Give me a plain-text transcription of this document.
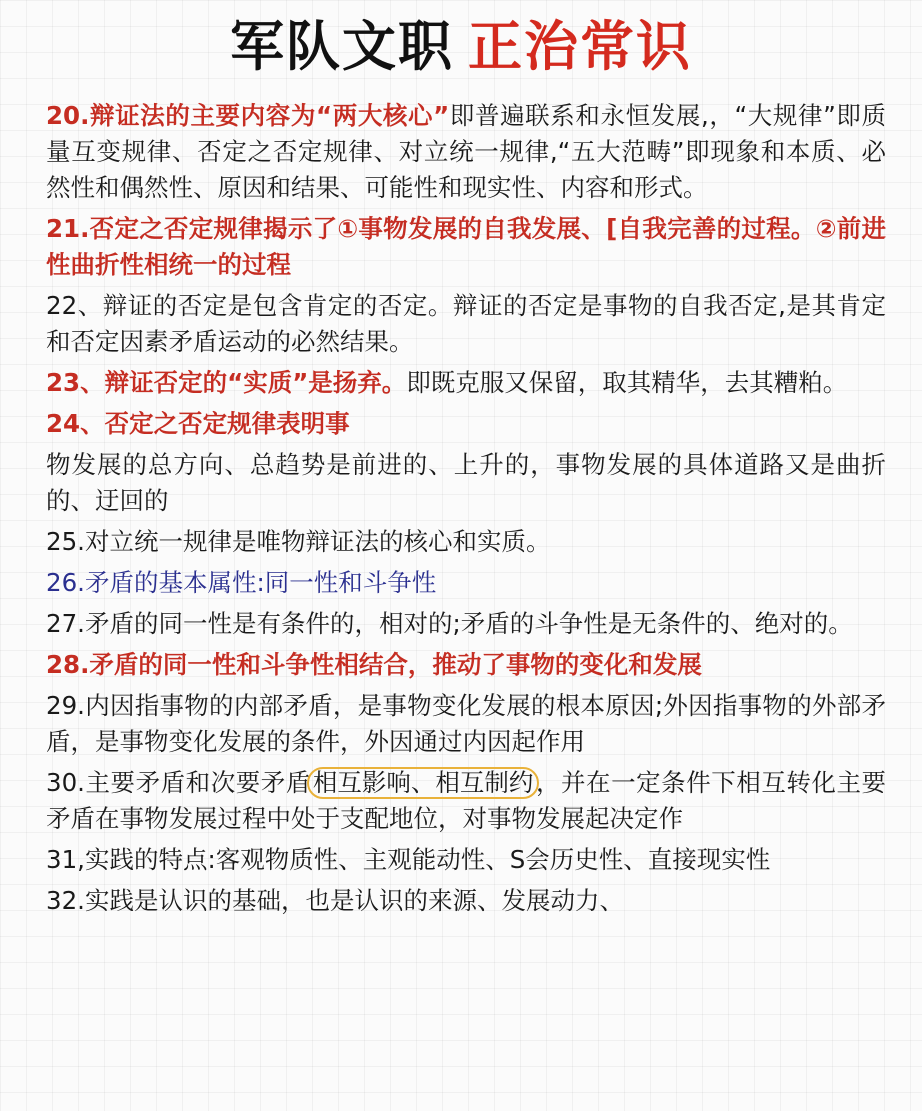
军队文职 正治常识

20.辩证法的主要内容为“两大核心”即普遍联系和永恒发展,，“大规律”即质量互变规律、否定之否定规律、对立统一规律,“五大范畴”即现象和本质、必然性和偶然性、原因和结果、可能性和现实性、内容和形式。

21.否定之否定规律揭示了①事物发展的自我发展、[自我完善的过程。②前进性曲折性相统一的过程

22、辩证的否定是包含肯定的否定。辩证的否定是事物的自我否定,是其肯定和否定因素矛盾运动的必然结果。

23、辩证否定的“实质”是扬弃。即既克服又保留，取其精华，去其糟粕。

24、否定之否定规律表明事

物发展的总方向、总趋势是前进的、上升的，事物发展的具体道路又是曲折的、迂回的

25.对立统一规律是唯物辩证法的核心和实质。

26.矛盾的基本属性:同一性和斗争性

27.矛盾的同一性是有条件的，相对的;矛盾的斗争性是无条件的、绝对的。

28.矛盾的同一性和斗争性相结合，推动了事物的变化和发展

29.内因指事物的内部矛盾，是事物变化发展的根本原因;外因指事物的外部矛盾，是事物变化发展的条件，外因通过内因起作用

30.主要矛盾和次要矛盾相互影响、相互制约，并在一定条件下相互转化主要矛盾在事物发展过程中处于支配地位，对事物发展起决定作

31,实践的特点:客观物质性、主观能动性、S会历史性、直接现实性

32.实践是认识的基础，也是认识的来源、发展动力、
